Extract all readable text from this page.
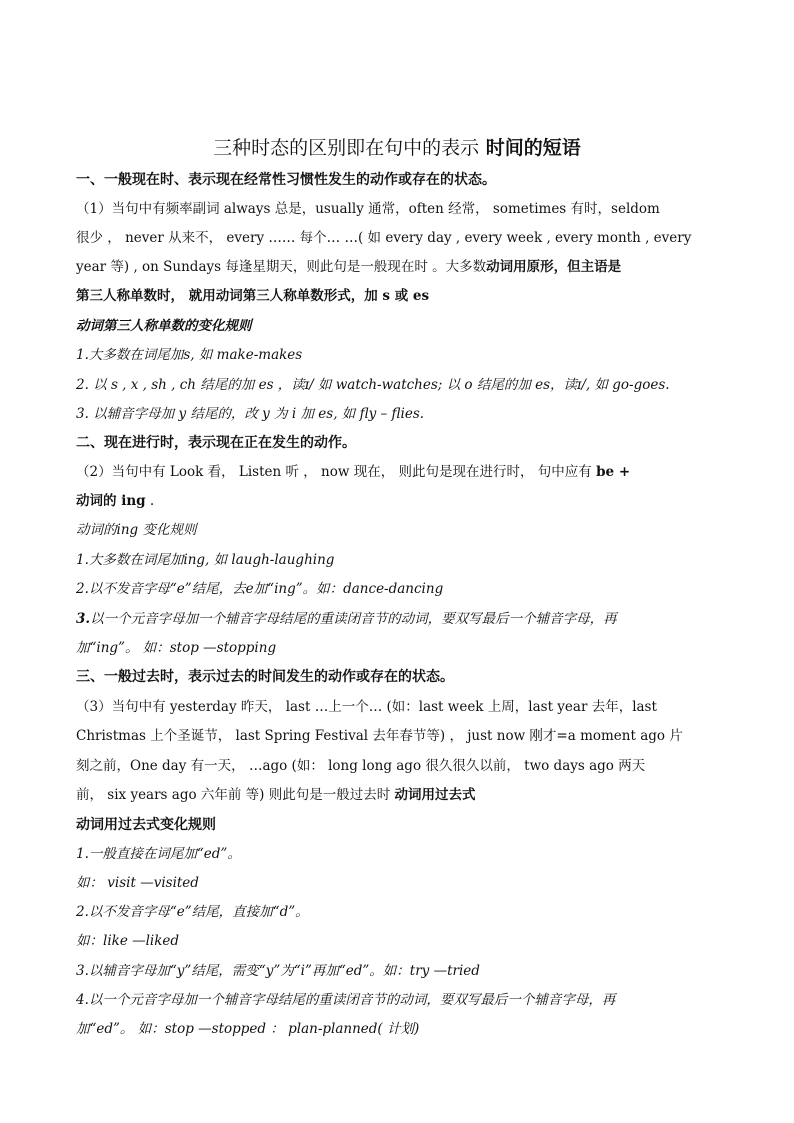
三种时态的区别即在句中的表示 时间的短语
一、一般现在时、表示现在经常性习惯性发生的动作或存在的状态。
（1）当句中有频率副词 always 总是，usually 通常，often 经常， sometimes 有时，seldom
很少 ， never 从来不， every …… 每个… …( 如 every day , every week , every month , every
year 等) , on Sundays 每逢星期天，则此句是一般现在时 。大多数动词用原形，但主语是
第三人称单数时， 就用动词第三人称单数形式，加 s 或 es
动词第三人称单数的变化规则
1.大多数在词尾加s, 如 make-makes
2. 以 s , x , sh , ch 结尾的加 es ，读ɪ/ 如 watch-watches; 以 o 结尾的加 es，读ɪ/, 如 go-goes.
3. 以辅音字母加 y 结尾的，改 y 为 i 加 es, 如 fly – flies.
二、现在进行时，表示现在正在发生的动作。
（2）当句中有 Look 看， Listen 听 ， now 现在， 则此句是现在进行时， 句中应有 be +
动词的 ing .
动词的ing 变化规则
1.大多数在词尾加ing, 如 laugh-laughing
2.以不发音字母“e”结尾，去e加“ing”。如：dance-dancing
3.以一个元音字母加一个辅音字母结尾的重读闭音节的动词，要双写最后一个辅音字母，再
加“ing”。 如：stop —stopping
三、一般过去时，表示过去的时间发生的动作或存在的状态。
（3）当句中有 yesterday 昨天， last …上一个… (如：last week 上周，last year 去年，last
Christmas 上个圣诞节， last Spring Festival 去年春节等) ， just now 刚才=a moment ago 片
刻之前，One day 有一天， …ago (如： long long ago 很久很久以前， two days ago 两天
前， six years ago 六年前 等) 则此句是一般过去时 动词用过去式
动词用过去式变化规则
1.一般直接在词尾加“ed”。
如： visit —visited
2.以不发音字母“e”结尾，直接加“d”。
如：like —liked
3.以辅音字母加“y”结尾，需变“y”为“i”再加“ed”。如：try —tried
4.以一个元音字母加一个辅音字母结尾的重读闭音节的动词，要双写最后一个辅音字母，再
加“ed”。 如：stop —stopped ： plan-planned( 计划)
